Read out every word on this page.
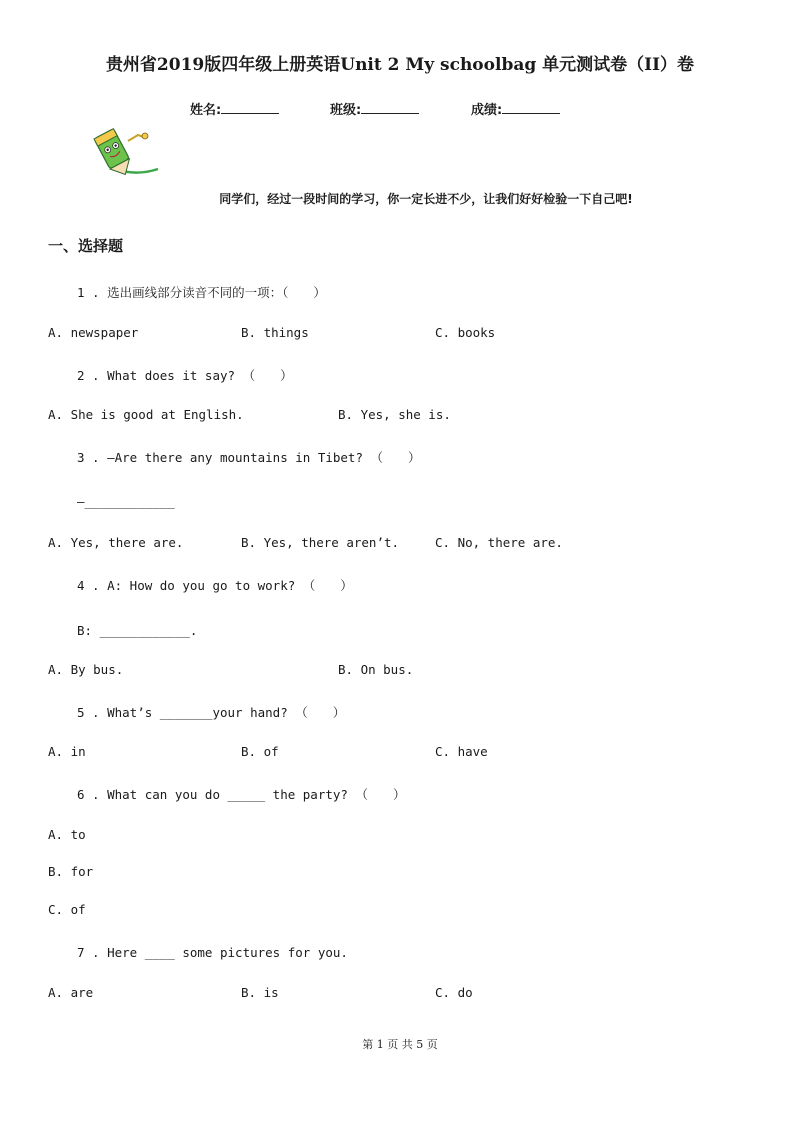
贵州省2019版四年级上册英语Unit 2 My schoolbag 单元测试卷（II）卷
姓名:	班级:	成绩:
同学们，经过一段时间的学习，你一定长进不少，让我们好好检验一下自己吧!
一、选择题
1 . 选出画线部分读音不同的一项：（　　）
A. newspaper	B. things	C. books
2 . What does it say? （　　）
A. She is good at English.	B. Yes, she is.
3 . —Are there any mountains in Tibet? （　　）
—____________
A. Yes, there are.	B. Yes, there aren’t.	C. No, there are.
4 . A: How do you go to work? （　　）
B: ____________.
A. By bus.	B. On bus.
5 . What’s _______your hand? （　　）
A. in	B. of	C. have
6 . What can you do _____ the party? （　　）
A. to
B. for
C. of
7 . Here ____ some pictures for you.
A. are	B. is	C. do
第 1 页 共 5 页
